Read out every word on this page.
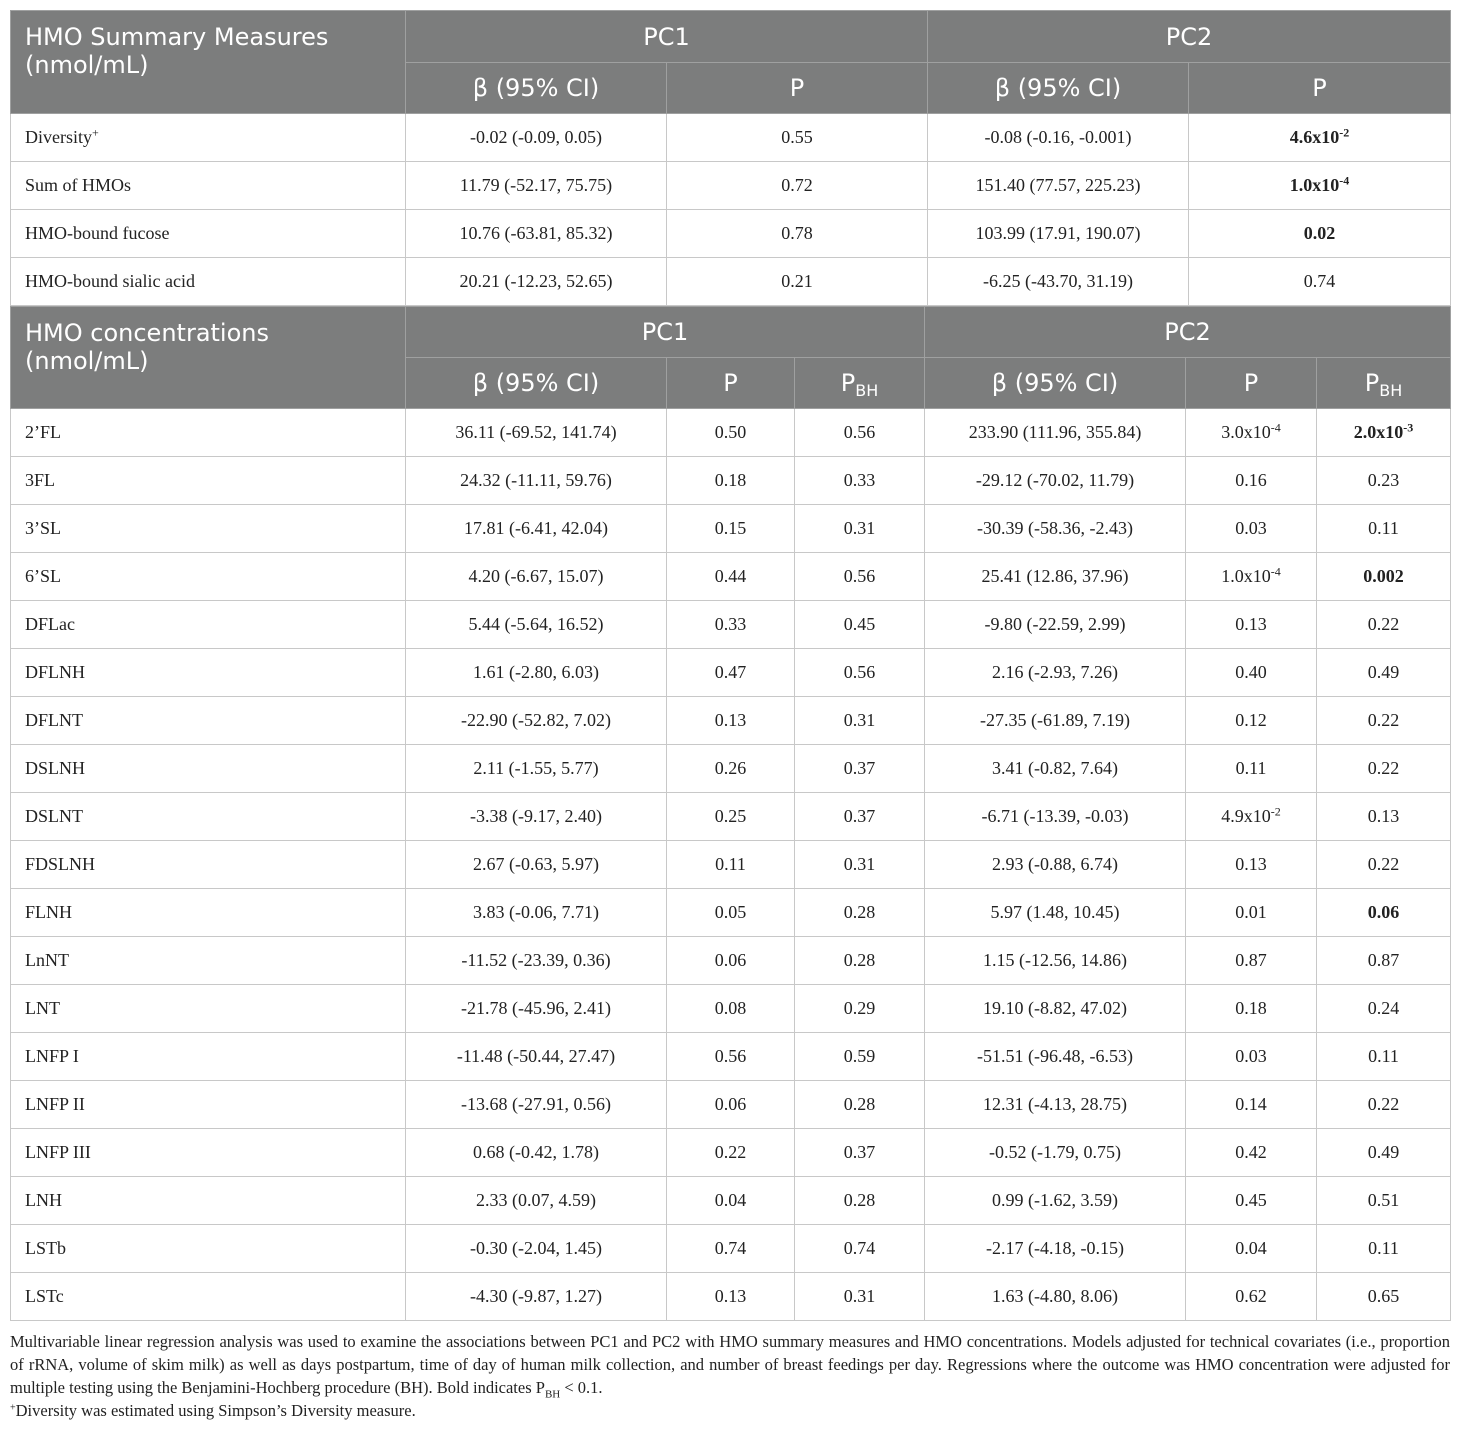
HMO Summary Measures (nmol/mL)	PC1		PC2	
	β (95% CI)	P	β (95% CI)	P
Diversity+	-0.02 (-0.09, 0.05)	0.55	-0.08 (-0.16, -0.001)	$4.6x10^{-2}$
Sum of HMOs	11.79 (-52.17, 75.75)	0.72	151.40 (77.57, 225.23)	$1.0x10^{-4}$
HMO-bound fucose	10.76 (-63.81, 85.32)	0.78	103.99 (17.91, 190.07)	0.02
HMO-bound sialic acid	20.21 (-12.23, 52.65)	0.21	-6.25 (-43.70, 31.19)	0.74
HMO concentrations (nmol/mL)	PC1			PC2		
	β (95% CI)	P	$P_{BH}$	β (95% CI)	P	$P_{BH}$
2’FL	36.11 (-69.52, 141.74)	0.50	0.56	233.90 (111.96, 355.84)	$3.0x10^{-4}$	$2.0x10^{-3}$
3FL	24.32 (-11.11, 59.76)	0.18	0.33	-29.12 (-70.02, 11.79)	0.16	0.23
3’SL	17.81 (-6.41, 42.04)	0.15	0.31	-30.39 (-58.36, -2.43)	0.03	0.11
6’SL	4.20 (-6.67, 15.07)	0.44	0.56	25.41 (12.86, 37.96)	$1.0x10^{-4}$	0.002
DFLac	5.44 (-5.64, 16.52)	0.33	0.45	-9.80 (-22.59, 2.99)	0.13	0.22
DFLNH	1.61 (-2.80, 6.03)	0.47	0.56	2.16 (-2.93, 7.26)	0.40	0.49
DFLNT	-22.90 (-52.82, 7.02)	0.13	0.31	-27.35 (-61.89, 7.19)	0.12	0.22
DSLNH	2.11 (-1.55, 5.77)	0.26	0.37	3.41 (-0.82, 7.64)	0.11	0.22
DSLNT	-3.38 (-9.17, 2.40)	0.25	0.37	-6.71 (-13.39, -0.03)	$4.9x10^{-2}$	0.13
FDSLNH	2.67 (-0.63, 5.97)	0.11	0.31	2.93 (-0.88, 6.74)	0.13	0.22
FLNH	3.83 (-0.06, 7.71)	0.05	0.28	5.97 (1.48, 10.45)	0.01	0.06
LnNT	-11.52 (-23.39, 0.36)	0.06	0.28	1.15 (-12.56, 14.86)	0.87	0.87
LNT	-21.78 (-45.96, 2.41)	0.08	0.29	19.10 (-8.82, 47.02)	0.18	0.24
LNFP I	-11.48 (-50.44, 27.47)	0.56	0.59	-51.51 (-96.48, -6.53)	0.03	0.11
LNFP II	-13.68 (-27.91, 0.56)	0.06	0.28	12.31 (-4.13, 28.75)	0.14	0.22
LNFP III	0.68 (-0.42, 1.78)	0.22	0.37	-0.52 (-1.79, 0.75)	0.42	0.49
LNH	2.33 (0.07, 4.59)	0.04	0.28	0.99 (-1.62, 3.59)	0.45	0.51
LSTb	-0.30 (-2.04, 1.45)	0.74	0.74	-2.17 (-4.18, -0.15)	0.04	0.11
LSTc	-4.30 (-9.87, 1.27)	0.13	0.31	1.63 (-4.80, 8.06)	0.62	0.65

Multivariable linear regression analysis was used to examine the associations between PC1 and PC2 with HMO summary measures and HMO concentrations. Models adjusted for technical covariates (i.e., proportion of rRNA, volume of skim milk) as well as days postpartum, time of day of human milk collection, and number of breast feedings per day. Regressions where the outcome was HMO concentration were adjusted for multiple testing using the Benjamini-Hochberg procedure (BH). Bold indicates $P_{BH} < 0.1$.

+Diversity was estimated using Simpson’s Diversity measure.
